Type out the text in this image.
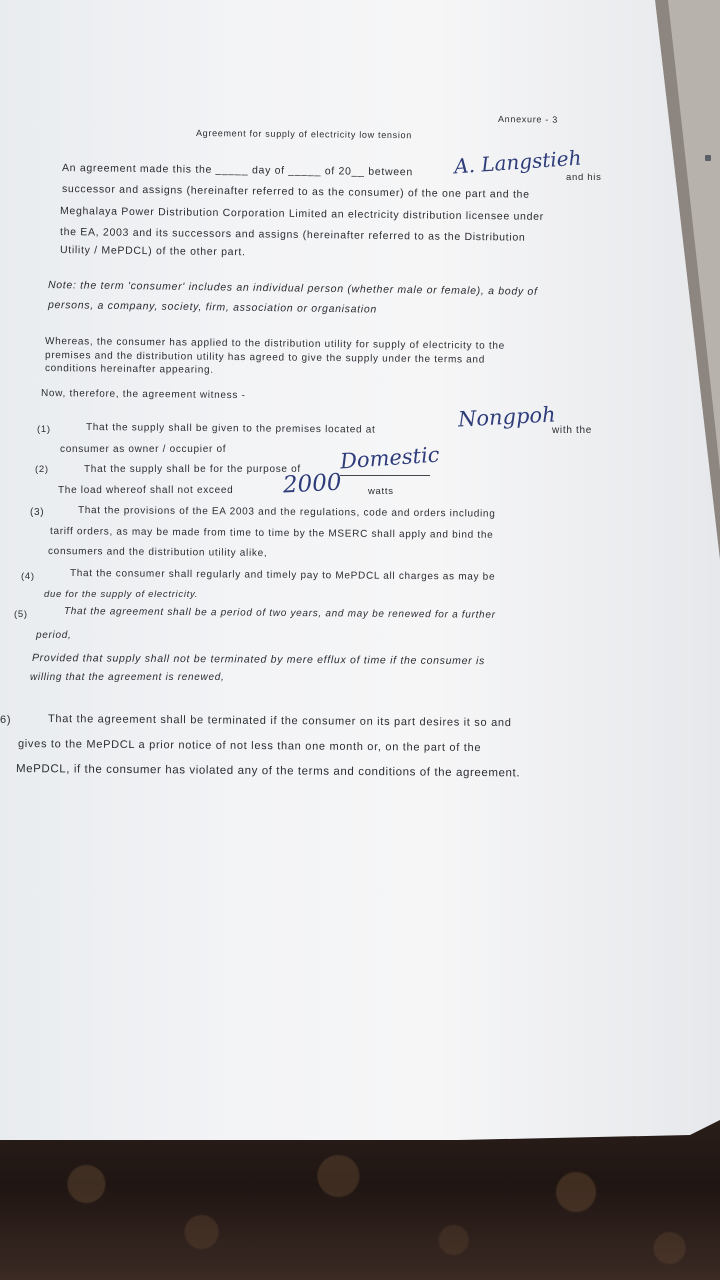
Annexure - 3
Agreement for supply of electricity low tension
An agreement made this the _____ day of _____ of 20__ between A. Langstieh
and his
successor and assigns (hereinafter referred to as the consumer) of the one part and the
Meghalaya Power Distribution Corporation Limited an electricity distribution licensee under
the EA, 2003 and its successors and assigns (hereinafter referred to as the Distribution
Utility / MePDCL) of the other part.
Note: the term 'consumer' includes an individual person (whether male or female), a body of
persons, a company, society, firm, association or organisation
Whereas, the consumer has applied to the distribution utility for supply of electricity to the
premises and the distribution utility has agreed to give the supply under the terms and
conditions hereinafter appearing.
Now, therefore, the agreement witness -
(1)	That the supply shall be given to the premises located at	Nongpoh
with the
consumer as owner / occupier of
(2)	That the supply shall be for the purpose of Domestic
The load whereof shall not exceed 2000	watts
(3)	That the provisions of the EA 2003 and the regulations, code and orders including
tariff orders, as may be made from time to time by the MSERC shall apply and bind the
consumers and the distribution utility alike,
(4)	That the consumer shall regularly and timely pay to MePDCL all charges as may be
due for the supply of electricity.
(5)	That the agreement shall be a period of two years, and may be renewed for a further
period,
Provided that supply shall not be terminated by mere efflux of time if the consumer is
willing that the agreement is renewed,
6)	That the agreement shall be terminated if the consumer on its part desires it so and
gives to the MePDCL a prior notice of not less than one month or, on the part of the
MePDCL, if the consumer has violated any of the terms and conditions of the agreement.
